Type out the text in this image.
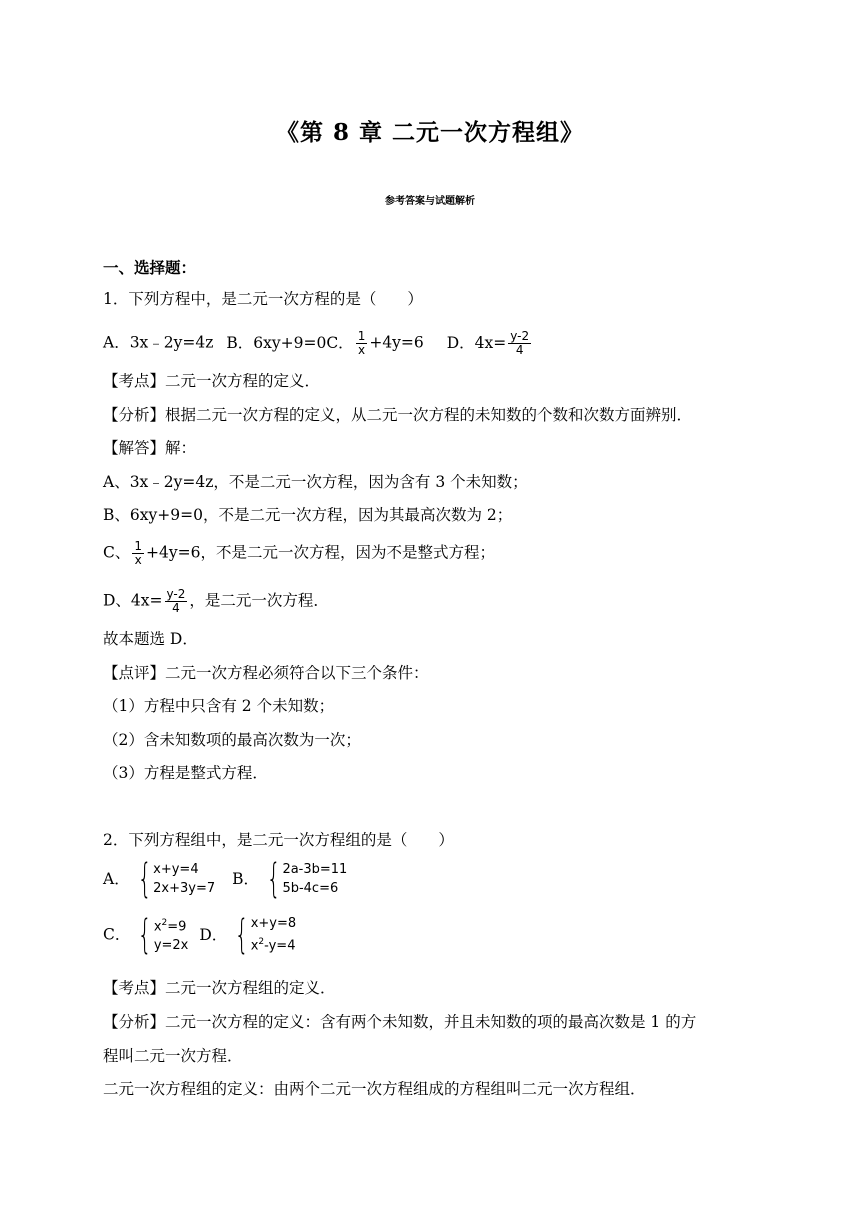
《第 8 章 二元一次方程组》
参考答案与试题解析
一、选择题：
1．下列方程中，是二元一次方程的是（　　）
A．3x﹣2y=4z B．6xy+9=0C． $\frac{1}{x} +4y=6$ D．$4x= \frac{y-2}{4}$
【考点】二元一次方程的定义．
【分析】根据二元一次方程的定义，从二元一次方程的未知数的个数和次数方面辨别．
【解答】解：
A、3x﹣2y=4z，不是二元一次方程，因为含有 3 个未知数；
B、6xy+9=0，不是二元一次方程，因为其最高次数为 2；
C、 $\frac{1}{x} +4y=6$，不是二元一次方程，因为不是整式方程；
D、$4x= \frac{y-2}{4}$ ，是二元一次方程．
故本题选 D．
【点评】二元一次方程必须符合以下三个条件：
（1）方程中只含有 2 个未知数；
（2）含未知数项的最高次数为一次；
（3）方程是整式方程．
2．下列方程组中，是二元一次方程组的是（　　）
A． { x+y=4
2x+3y=7
B． { 2a-3b=11
5b-4c=6
C． { $x^2=9$
y=2x
D． { x+y=8
$x^2-y=4$
【考点】二元一次方程组的定义．
【分析】二元一次方程的定义：含有两个未知数，并且未知数的项的最高次数是 1 的方
程叫二元一次方程．
二元一次方程组的定义：由两个二元一次方程组成的方程组叫二元一次方程组．
